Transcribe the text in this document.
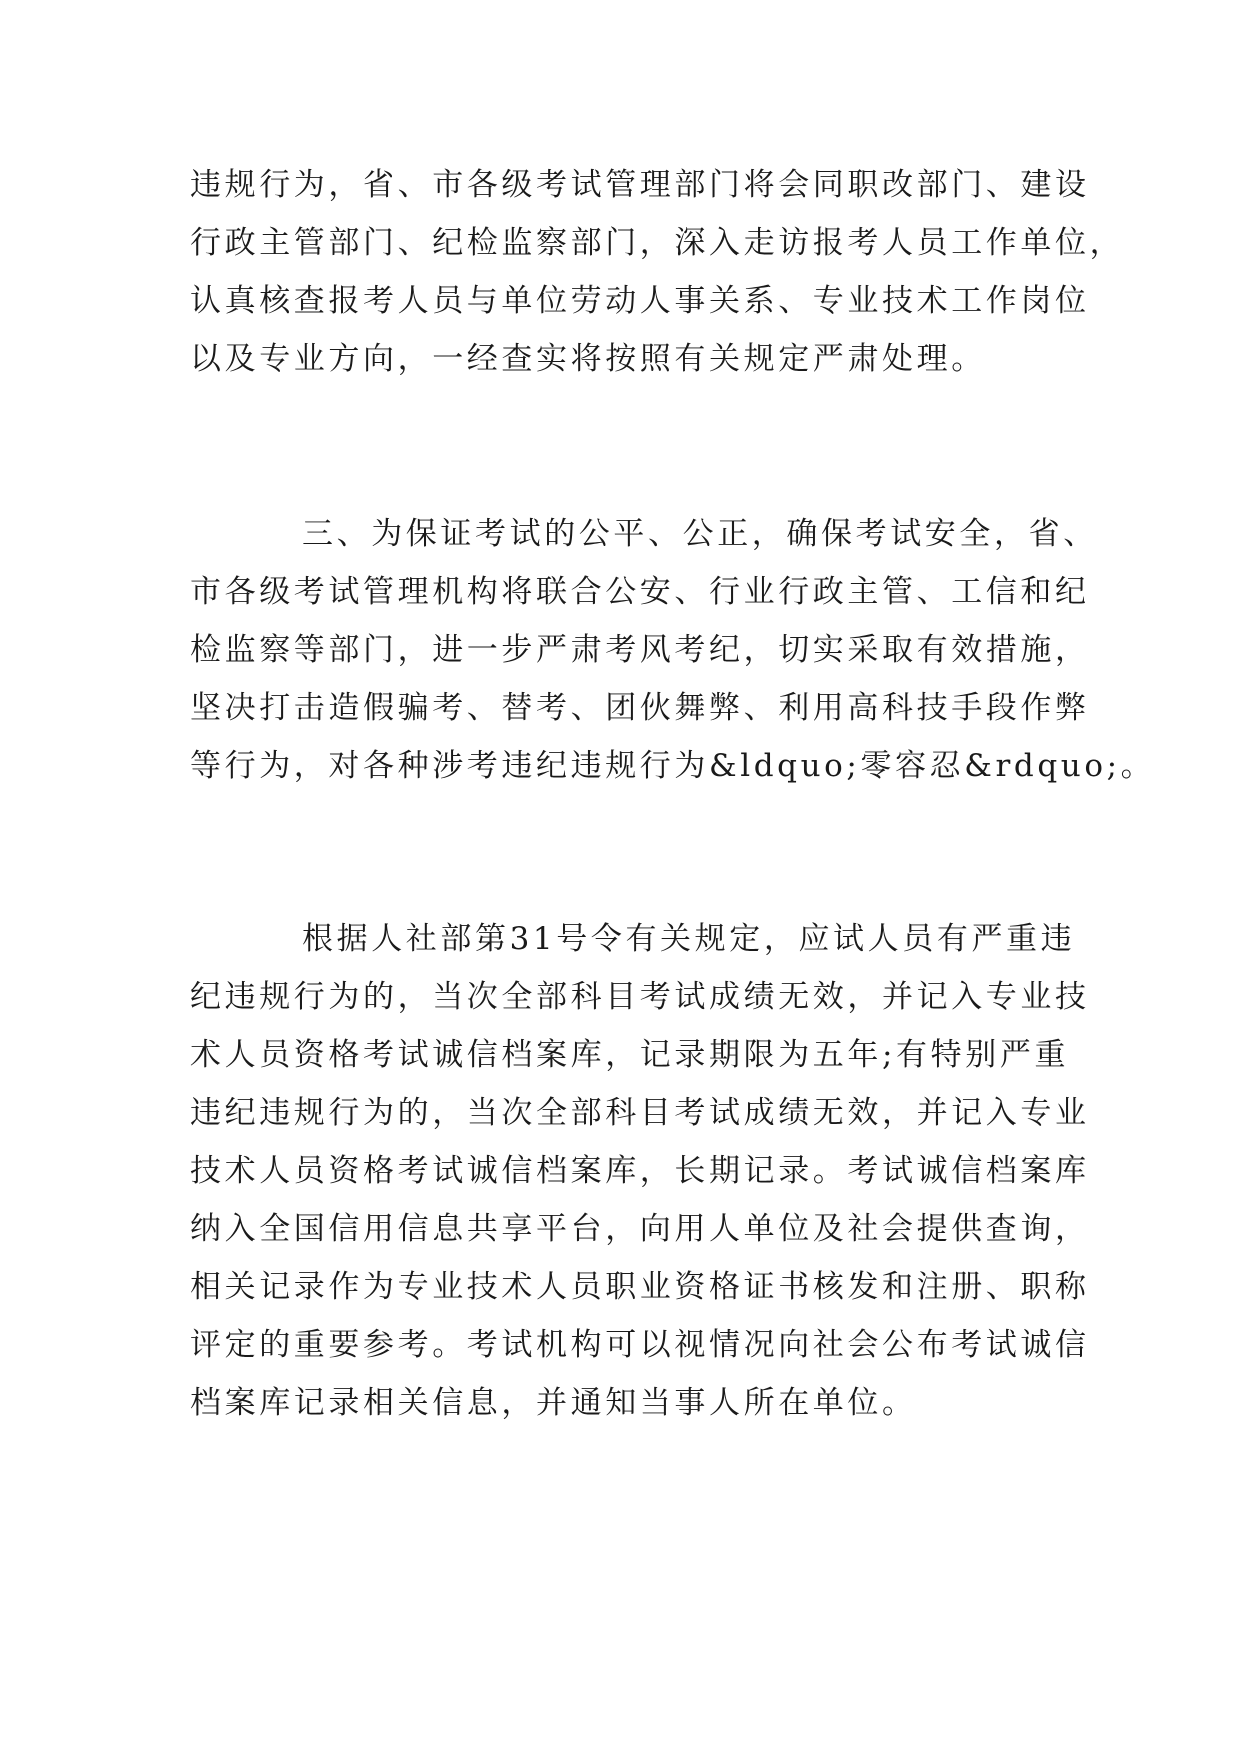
违规行为，省、市各级考试管理部门将会同职改部门、建设
行政主管部门、纪检监察部门，深入走访报考人员工作单位，
认真核查报考人员与单位劳动人事关系、专业技术工作岗位
以及专业方向，一经查实将按照有关规定严肃处理。
三、为保证考试的公平、公正，确保考试安全，省、
市各级考试管理机构将联合公安、行业行政主管、工信和纪
检监察等部门，进一步严肃考风考纪，切实采取有效措施，
坚决打击造假骗考、替考、团伙舞弊、利用高科技手段作弊
等行为，对各种涉考违纪违规行为&ldquo;零容忍&rdquo;。
根据人社部第31号令有关规定，应试人员有严重违
纪违规行为的，当次全部科目考试成绩无效，并记入专业技
术人员资格考试诚信档案库，记录期限为五年;有特别严重
违纪违规行为的，当次全部科目考试成绩无效，并记入专业
技术人员资格考试诚信档案库，长期记录。考试诚信档案库
纳入全国信用信息共享平台，向用人单位及社会提供查询，
相关记录作为专业技术人员职业资格证书核发和注册、职称
评定的重要参考。考试机构可以视情况向社会公布考试诚信
档案库记录相关信息，并通知当事人所在单位。
